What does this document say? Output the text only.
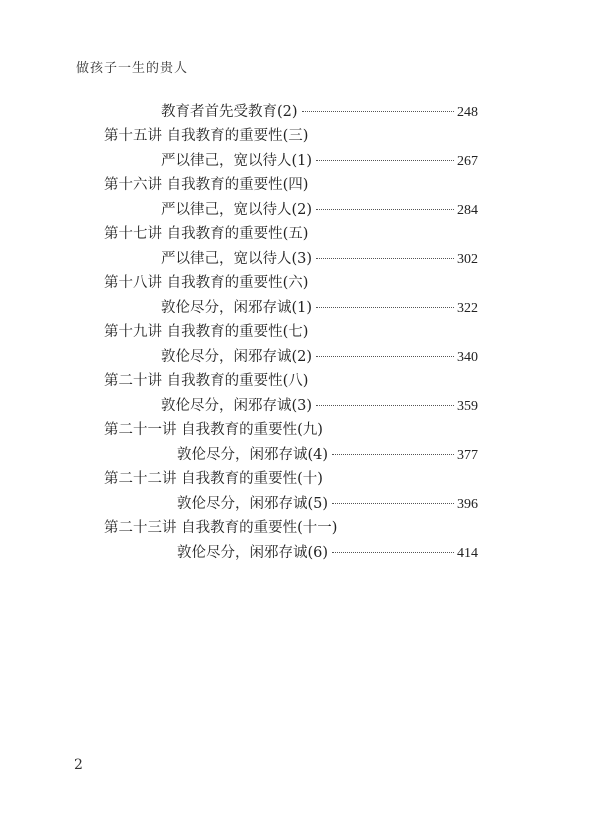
做孩子一生的贵人
教育者首先受教育(2)	248
第十五讲 自我教育的重要性(三)
严以律己，宽以待人(1)	267
第十六讲 自我教育的重要性(四)
严以律己，宽以待人(2)	284
第十七讲 自我教育的重要性(五)
严以律己，宽以待人(3)	302
第十八讲 自我教育的重要性(六)
敦伦尽分，闲邪存诚(1)	322
第十九讲 自我教育的重要性(七)
敦伦尽分，闲邪存诚(2)	340
第二十讲 自我教育的重要性(八)
敦伦尽分，闲邪存诚(3)	359
第二十一讲 自我教育的重要性(九)
敦伦尽分，闲邪存诚(4)	377
第二十二讲 自我教育的重要性(十)
敦伦尽分，闲邪存诚(5)	396
第二十三讲 自我教育的重要性(十一)
敦伦尽分，闲邪存诚(6)	414
2
